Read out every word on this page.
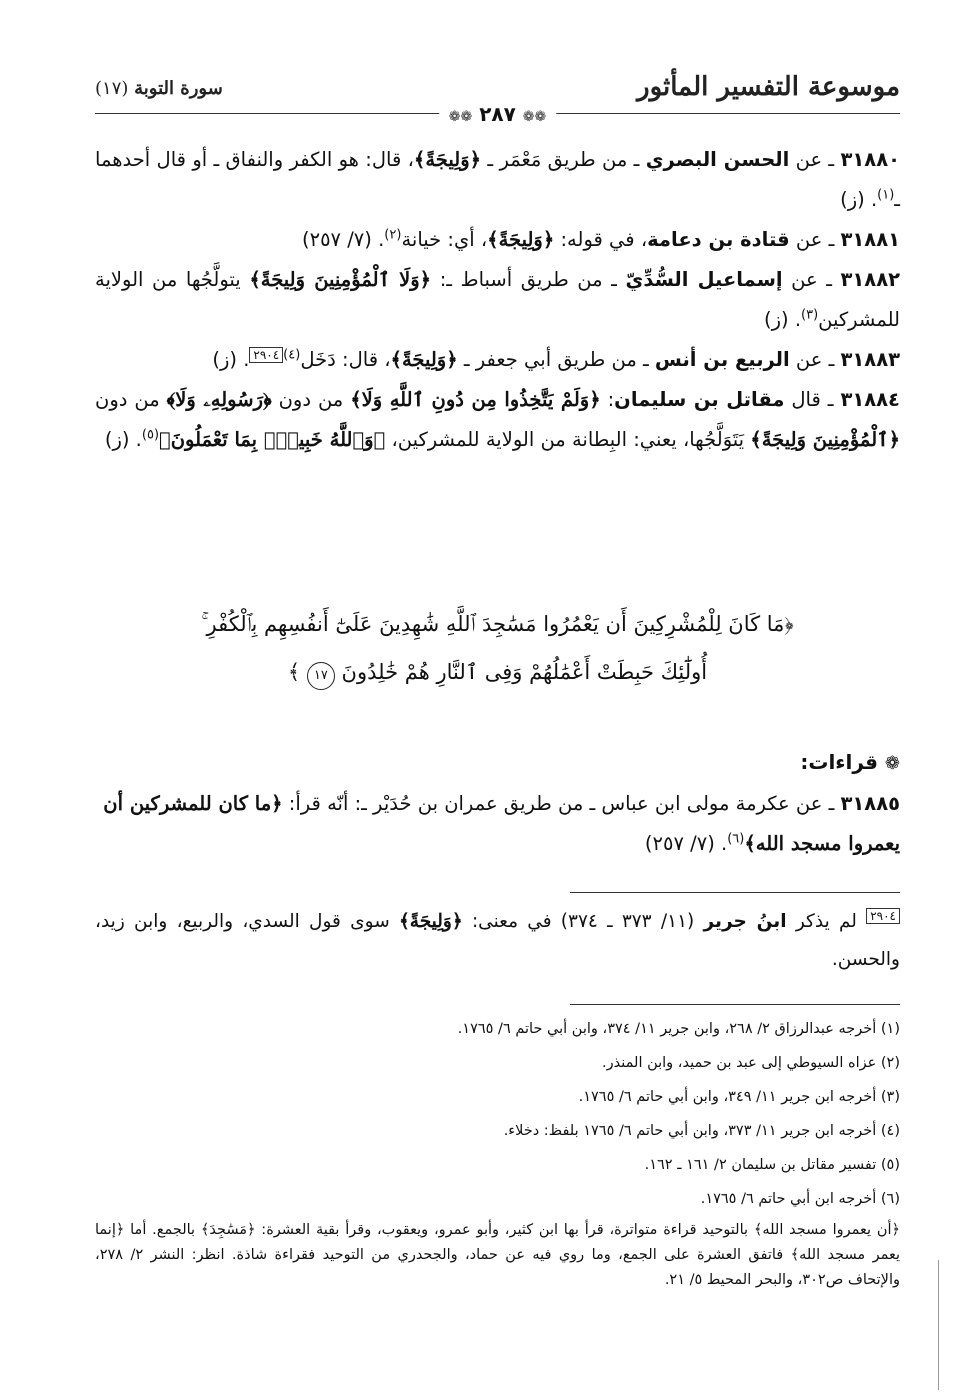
موسوعة التفسير المأثور
سورة التوبة (١٧)
❁❁ ٢٨٧ ❁❁

٣١٨٨٠ ـ عن الحسن البصري ـ من طريق مَعْمَر ـ ﴿وَلِيجَةً﴾، قال: هو الكفر والنفاق ـ أو قال أحدهما ـ$^{(١)}$. (ز)

٣١٨٨١ ـ عن قتادة بن دعامة، في قوله: ﴿وَلِيجَةً﴾، أي: خيانة$^{(٢)}$. (٧/ ٢٥٧)

٣١٨٨٢ ـ عن إسماعيل السُّدِّيّ ـ من طريق أسباط ـ: ﴿وَلَا ٱلْمُؤْمِنِينَ وَلِيجَةً﴾ يتولَّجُها من الولاية للمشركين$^{(٣)}$. (ز)

٣١٨٨٣ ـ عن الربيع بن أنس ـ من طريق أبي جعفر ـ ﴿وَلِيجَةً﴾، قال: دَخَل$^{(٤)}$٢٩٠٤. (ز)

٣١٨٨٤ ـ قال مقاتل بن سليمان: ﴿وَلَمْ يَتَّخِذُوا مِن دُونِ ٱللَّهِ وَلَا﴾ من دون ﴿رَسُولِهِۦ وَلَا﴾ من دون ﴿ٱلْمُؤْمِنِينَ وَلِيجَةً﴾ يَتَوَلَّجُها، يعني: البِطانة من الولاية للمشركين، ﴿وَٱللَّهُ خَبِيرٌۢ بِمَا تَعْمَلُونَ﴾$^{(٥)}$. (ز)

﴿مَا كَانَ لِلْمُشْرِكِينَ أَن يَعْمُرُوا مَسَٰجِدَ ٱللَّهِ شَٰهِدِينَ عَلَىٰٓ أَنفُسِهِم بِٱلْكُفْرِ ۚ
أُولَٰٓئِكَ حَبِطَتْ أَعْمَٰلُهُمْ وَفِى ٱلنَّارِ هُمْ خَٰلِدُونَ ١٧ ﴾
❁ قراءات:

٣١٨٨٥ ـ عن عكرمة مولى ابن عباس ـ من طريق عمران بن حُدَيْر ـ: أنّه قرأ: ﴿ما كان للمشركين أن يعمروا مسجد الله﴾$^{(٦)}$. (٧/ ٢٥٧)

٢٩٠٤ لم يذكر ابنُ جرير (١١/ ٣٧٣ ـ ٣٧٤) في معنى: ﴿وَلِيجَةً﴾ سوى قول السدي، والربيع، وابن زيد، والحسن.

(١) أخرجه عبدالرزاق ٢/ ٢٦٨، وابن جرير ١١/ ٣٧٤، وابن أبي حاتم ٦/ ١٧٦٥.

(٢) عزاه السيوطي إلى عبد بن حميد، وابن المنذر.

(٣) أخرجه ابن جرير ١١/ ٣٤٩، وابن أبي حاتم ٦/ ١٧٦٥.

(٤) أخرجه ابن جرير ١١/ ٣٧٣، وابن أبي حاتم ٦/ ١٧٦٥ بلفظ: دخلاء.

(٥) تفسير مقاتل بن سليمان ٢/ ١٦١ ـ ١٦٢.

(٦) أخرجه ابن أبي حاتم ٦/ ١٧٦٥.

﴿أن يعمروا مسجد الله﴾ بالتوحيد قراءة متواترة، قرأ بها ابن كثير، وأبو عمرو، ويعقوب، وقرأ بقية العشرة: ﴿مَسَٰجِدَ﴾ بالجمع. أما ﴿إنما يعمر مسجد الله﴾ فاتفق العشرة على الجمع، وما روي فيه عن حماد، والجحدري من التوحيد فقراءة شاذة. انظر: النشر ٢/ ٢٧٨، والإتحاف ص٣٠٢، والبحر المحيط ٥/ ٢١.
